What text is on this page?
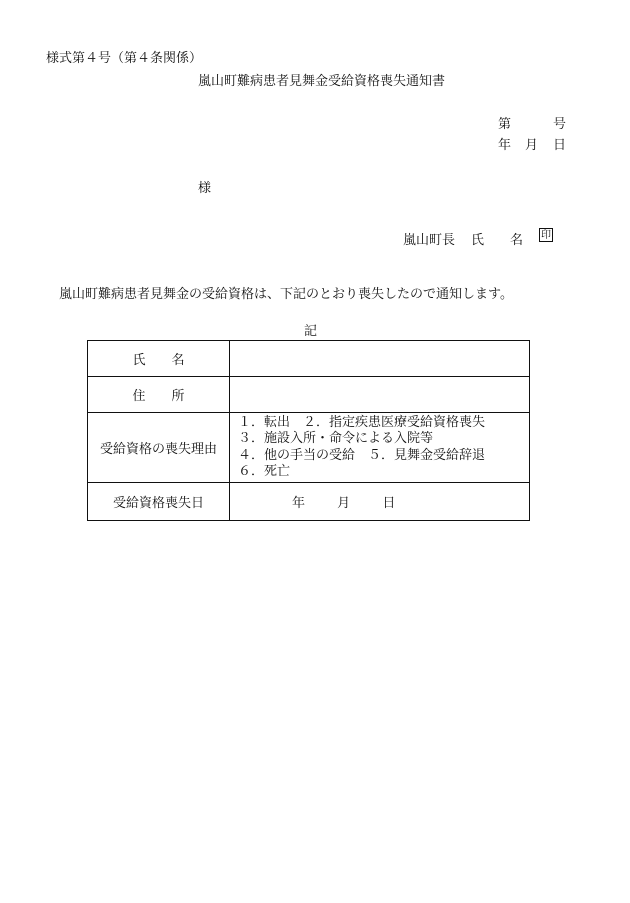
様式第４号（第４条関係）
嵐山町難病患者見舞金受給資格喪失通知書
第	号
年 月 日
様
嵐山町長 氏 名 印
嵐山町難病患者見舞金の受給資格は、下記のとおり喪失したので通知します。
記
氏　　名	
住　　所	
受給資格の喪失理由	１．転出　２．指定疾患医療受給資格喪失
３．施設入所・命令による入院等
４．他の手当の受給　５．見舞金受給辞退
６．死亡

受給資格喪失日	年 月 日
